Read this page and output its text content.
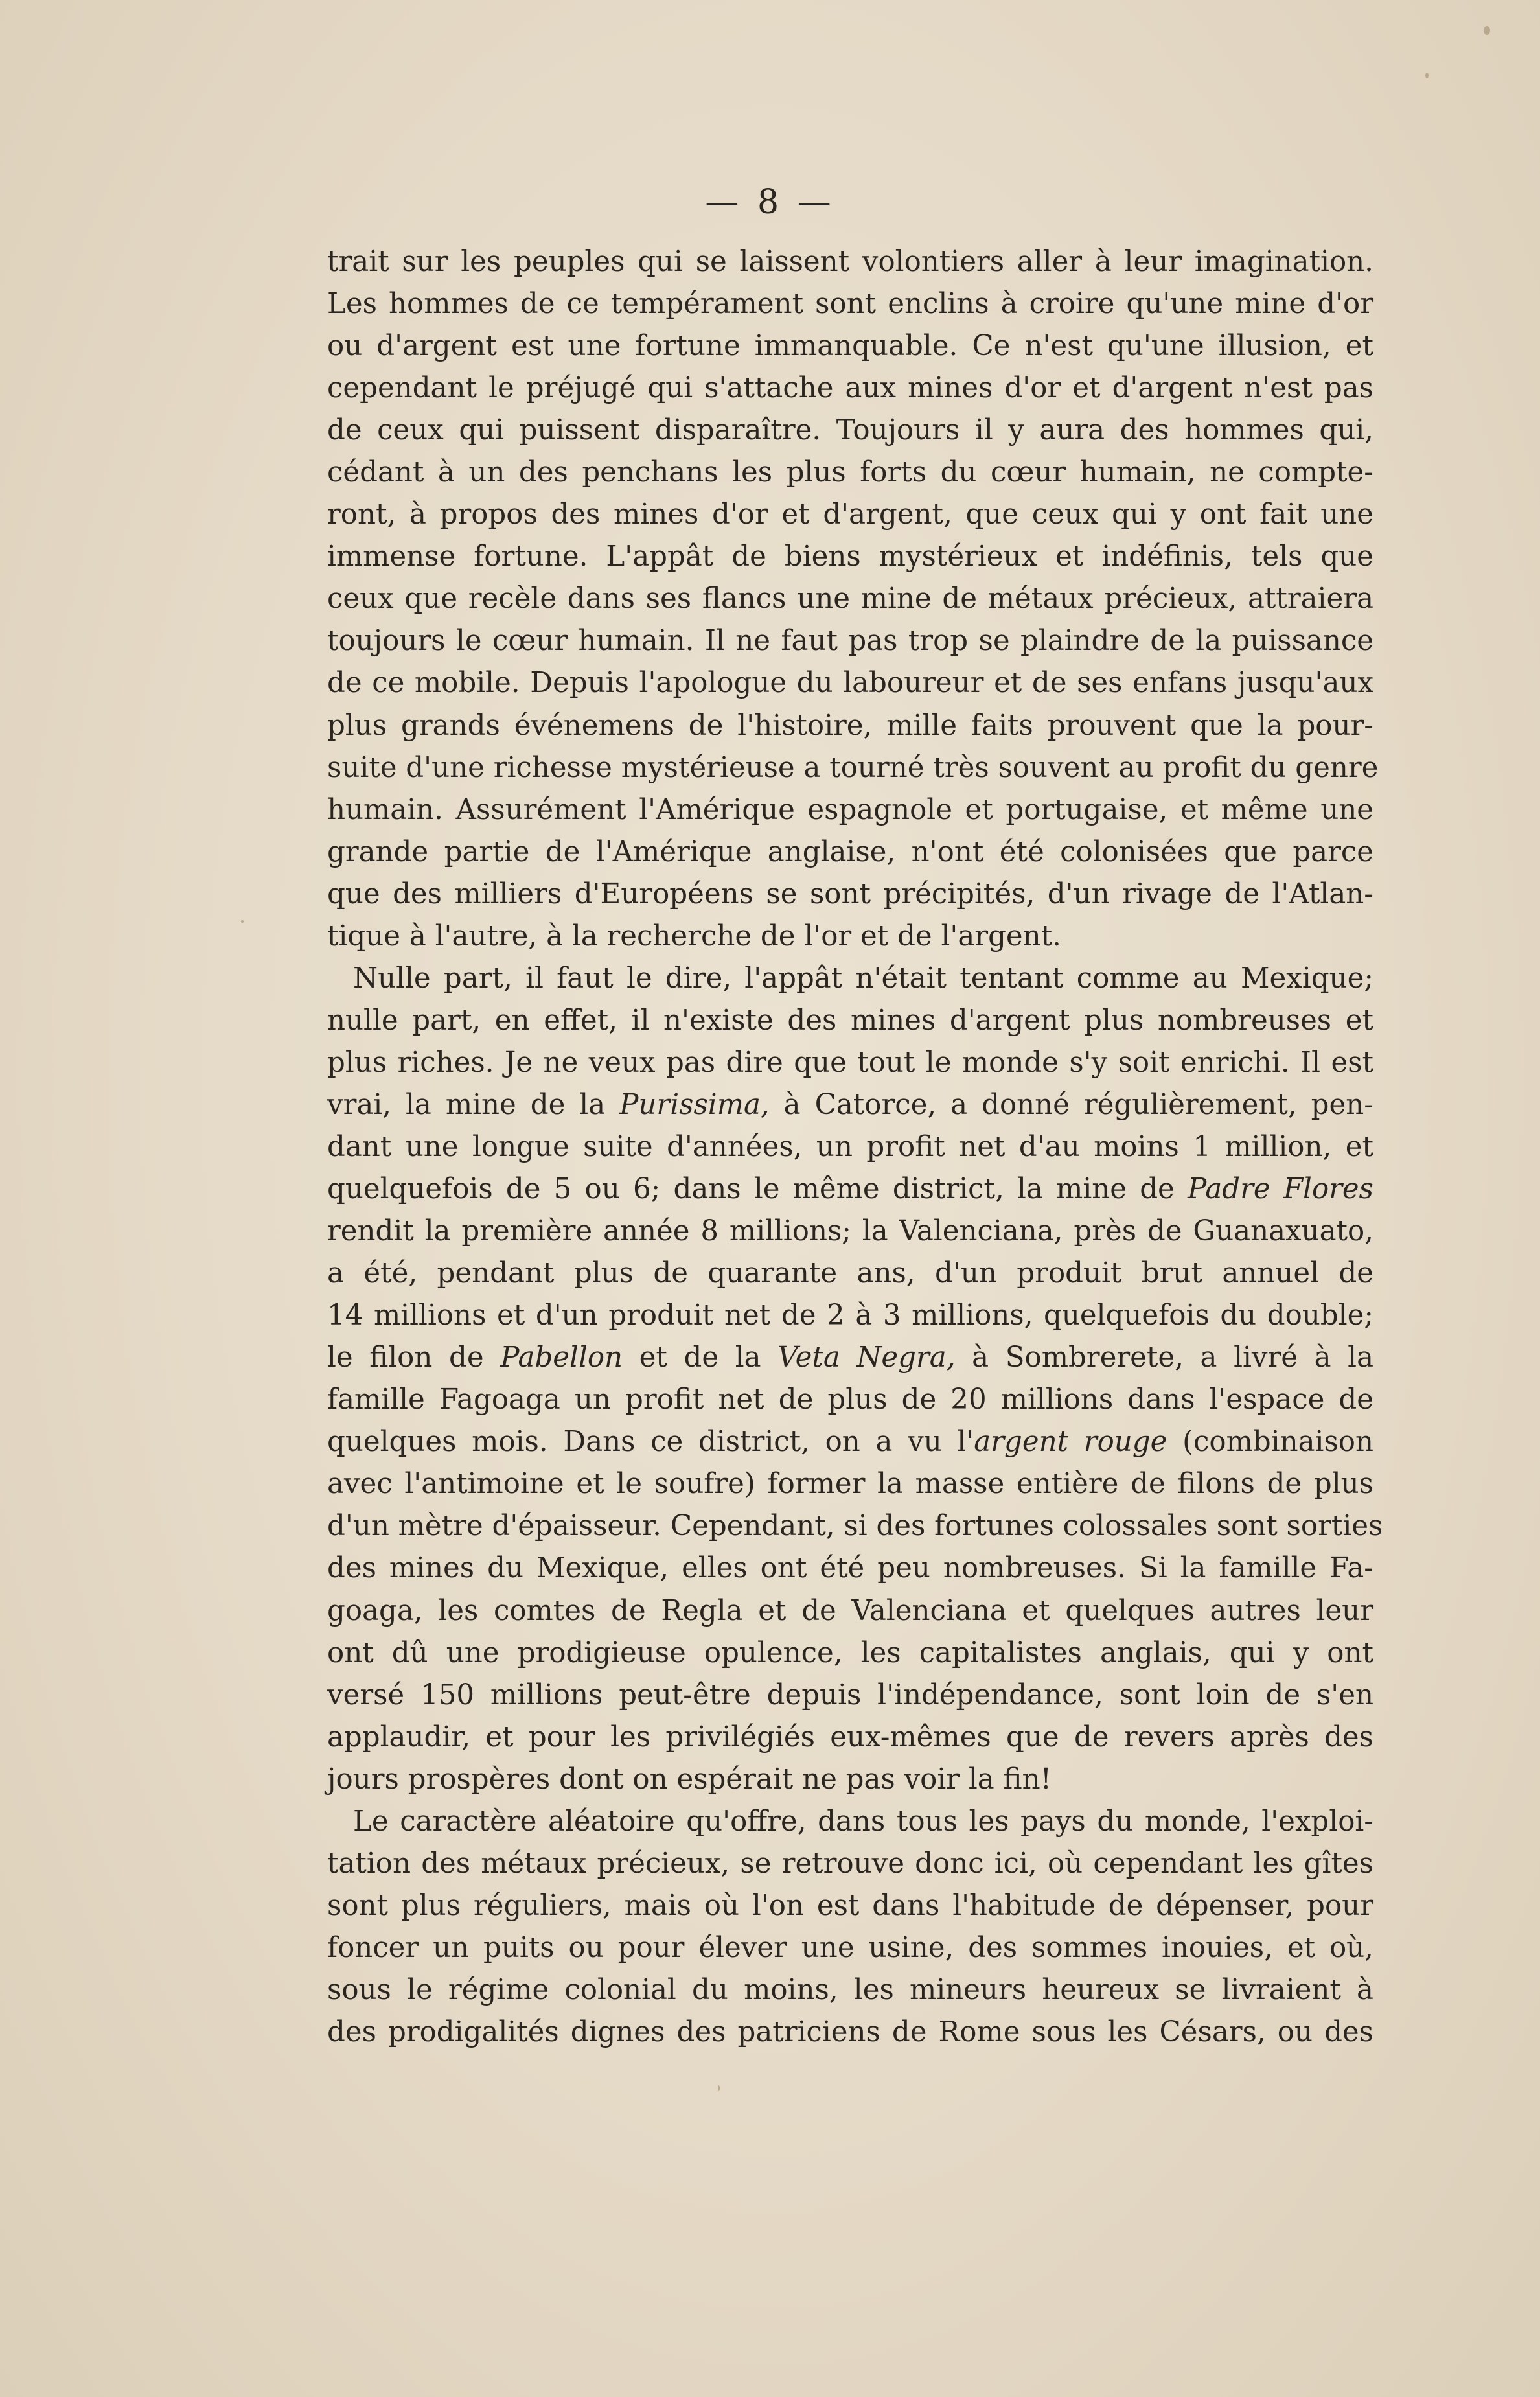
— 8 —
trait sur les peuples qui se laissent volontiers aller à leur imagination.
Les hommes de ce tempérament sont enclins à croire qu'une mine d'or
ou d'argent est une fortune immanquable. Ce n'est qu'une illusion, et
cependant le préjugé qui s'attache aux mines d'or et d'argent n'est pas
de ceux qui puissent disparaître. Toujours il y aura des hommes qui,
cédant à un des penchans les plus forts du cœur humain, ne compte-
ront, à propos des mines d'or et d'argent, que ceux qui y ont fait une
immense fortune. L'appât de biens mystérieux et indéfinis, tels que
ceux que recèle dans ses flancs une mine de métaux précieux, attraiera
toujours le cœur humain. Il ne faut pas trop se plaindre de la puissance
de ce mobile. Depuis l'apologue du laboureur et de ses enfans jusqu'aux
plus grands événemens de l'histoire, mille faits prouvent que la pour-
suite d'une richesse mystérieuse a tourné très souvent au profit du genre
humain. Assurément l'Amérique espagnole et portugaise, et même une
grande partie de l'Amérique anglaise, n'ont été colonisées que parce
que des milliers d'Européens se sont précipités, d'un rivage de l'Atlan-
tique à l'autre, à la recherche de l'or et de l'argent.
Nulle part, il faut le dire, l'appât n'était tentant comme au Mexique;
nulle part, en effet, il n'existe des mines d'argent plus nombreuses et
plus riches. Je ne veux pas dire que tout le monde s'y soit enrichi. Il est
vrai, la mine de la Purissima, à Catorce, a donné régulièrement, pen-
dant une longue suite d'années, un profit net d'au moins 1 million, et
quelquefois de 5 ou 6; dans le même district, la mine de Padre Flores
rendit la première année 8 millions; la Valenciana, près de Guanaxuato,
a été, pendant plus de quarante ans, d'un produit brut annuel de
14 millions et d'un produit net de 2 à 3 millions, quelquefois du double;
le filon de Pabellon et de la Veta Negra, à Sombrerete, a livré à la
famille Fagoaga un profit net de plus de 20 millions dans l'espace de
quelques mois. Dans ce district, on a vu l'argent rouge (combinaison
avec l'antimoine et le soufre) former la masse entière de filons de plus
d'un mètre d'épaisseur. Cependant, si des fortunes colossales sont sorties
des mines du Mexique, elles ont été peu nombreuses. Si la famille Fa-
goaga, les comtes de Regla et de Valenciana et quelques autres leur
ont dû une prodigieuse opulence, les capitalistes anglais, qui y ont
versé 150 millions peut-être depuis l'indépendance, sont loin de s'en
applaudir, et pour les privilégiés eux-mêmes que de revers après des
jours prospères dont on espérait ne pas voir la fin!
Le caractère aléatoire qu'offre, dans tous les pays du monde, l'exploi-
tation des métaux précieux, se retrouve donc ici, où cependant les gîtes
sont plus réguliers, mais où l'on est dans l'habitude de dépenser, pour
foncer un puits ou pour élever une usine, des sommes inouies, et où,
sous le régime colonial du moins, les mineurs heureux se livraient à
des prodigalités dignes des patriciens de Rome sous les Césars, ou des
